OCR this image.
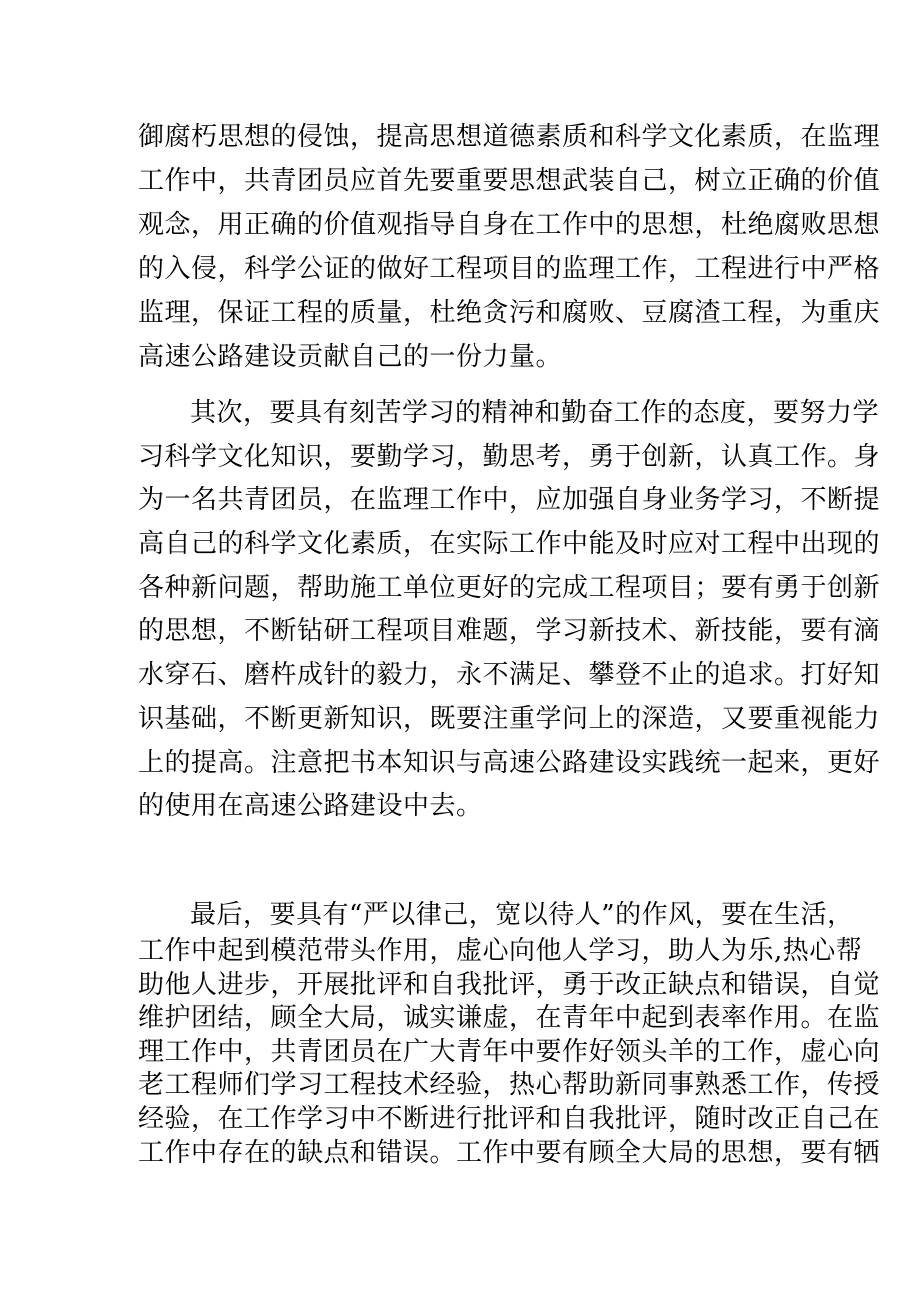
御腐朽思想的侵蚀，提高思想道德素质和科学文化素质，在监理
工作中，共青团员应首先要重要思想武装自己，树立正确的价值
观念，用正确的价值观指导自身在工作中的思想，杜绝腐败思想
的入侵，科学公证的做好工程项目的监理工作，工程进行中严格
监理，保证工程的质量，杜绝贪污和腐败、豆腐渣工程，为重庆
高速公路建设贡献自己的一份力量。
其次，要具有刻苦学习的精神和勤奋工作的态度，要努力学
习科学文化知识，要勤学习，勤思考，勇于创新，认真工作。身
为一名共青团员，在监理工作中，应加强自身业务学习，不断提
高自己的科学文化素质，在实际工作中能及时应对工程中出现的
各种新问题，帮助施工单位更好的完成工程项目；要有勇于创新
的思想，不断钻研工程项目难题，学习新技术、新技能，要有滴
水穿石、磨杵成针的毅力，永不满足、攀登不止的追求。打好知
识基础，不断更新知识，既要注重学问上的深造，又要重视能力
上的提高。注意把书本知识与高速公路建设实践统一起来，更好
的使用在高速公路建设中去。
最后，要具有“严以律己，宽以待人”的作风，要在生活，
工作中起到模范带头作用，虚心向他人学习，助人为乐,热心帮
助他人进步，开展批评和自我批评，勇于改正缺点和错误，自觉
维护团结，顾全大局，诚实谦虚，在青年中起到表率作用。在监
理工作中，共青团员在广大青年中要作好领头羊的工作，虚心向
老工程师们学习工程技术经验，热心帮助新同事熟悉工作，传授
经验，在工作学习中不断进行批评和自我批评，随时改正自己在
工作中存在的缺点和错误。工作中要有顾全大局的思想，要有牺
